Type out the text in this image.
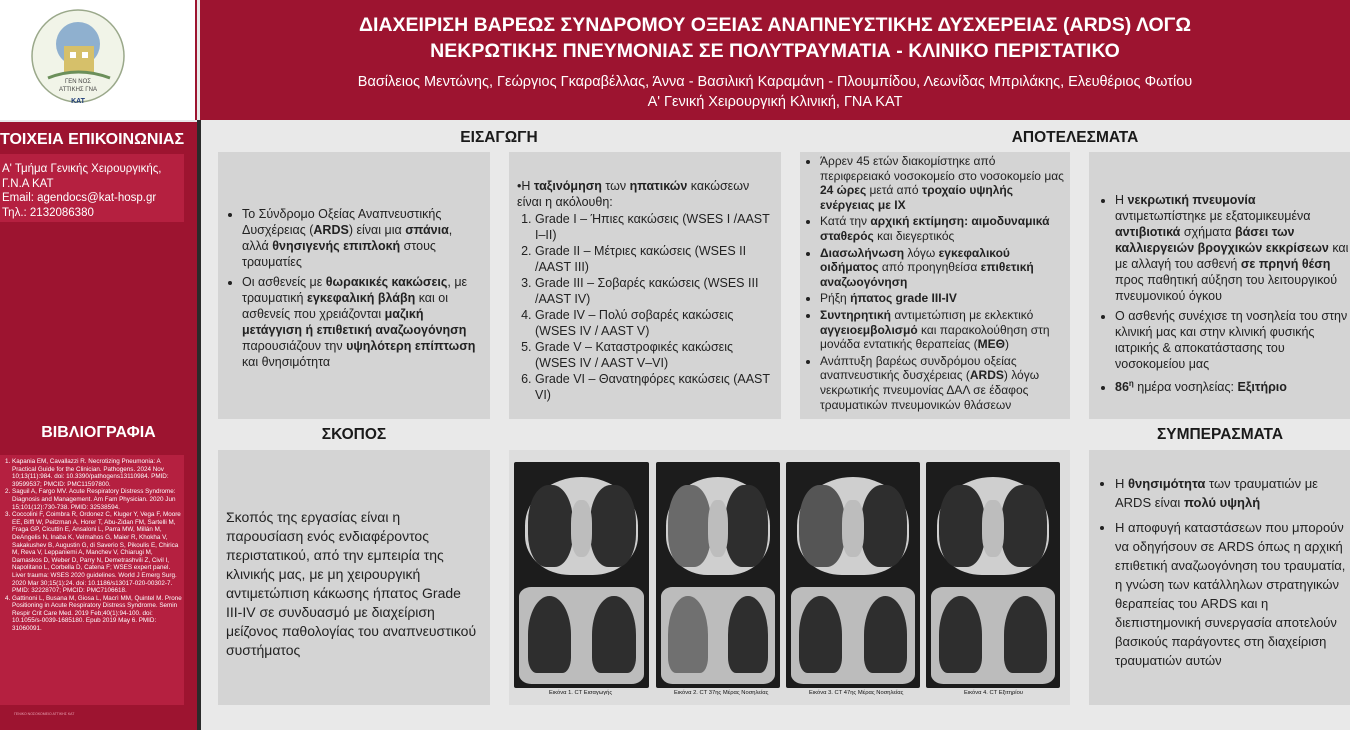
ΓΕΝ ΝΟΣ
ΑΤΤΙΚΗΣ ΓΝΑ
ΚΑΤ
ΔΙΑΧΕΙΡΙΣΗ ΒΑΡΕΩΣ ΣΥΝΔΡΟΜΟΥ ΟΞΕΙΑΣ ΑΝΑΠΝΕΥΣΤΙΚΗΣ ΔΥΣΧΕΡΕΙΑΣ (ARDS) ΛΟΓΩ
ΝΕΚΡΩΤΙΚΗΣ ΠΝΕΥΜΟΝΙΑΣ ΣΕ ΠΟΛΥΤΡΑΥΜΑΤΙΑ - ΚΛΙΝΙΚΟ ΠΕΡΙΣΤΑΤΙΚΟ
Βασίλειος Μεντώνης, Γεώργιος Γκαραβέλλας, Άννα - Βασιλική Καραμάνη - Πλουμπίδου, Λεωνίδας Μπριλάκης, Ελευθέριος Φωτίου
Α' Γενική Χειρουργική Κλινική, ΓΝΑ ΚΑΤ
ΤΟΙΧΕΙΑ ΕΠΙΚΟΙΝΩΝΙΑΣ
Α' Τμήμα Γενικής Χειρουργικής,
Γ.Ν.Α ΚΑΤ
Email: agendocs@kat-hosp.gr
Τηλ.: 2132086380
ΒΙΒΛΙΟΓΡΑΦΙΑ
1. Kapania EM, Cavallazzi R. Necrotizing Pneumonia: A Practical Guide for the Clinician. Pathogens. 2024 Nov 10;13(11):984. doi: 10.3390/pathogens13110984. PMID: 39599537; PMCID: PMC11597800.
2. Saguil A, Fargo MV. Acute Respiratory Distress Syndrome: Diagnosis and Management. Am Fam Physician. 2020 Jun 15;101(12):730-738. PMID: 32538594.
3. Coccolini F, Coimbra R, Ordonez C, Kluger Y, Vega F, Moore EE, Biffl W, Peitzman A, Horer T, Abu-Zidan FM, Sartelli M, Fraga GP, Cicuttin E, Ansaloni L, Parra MW, Millán M, DeAngelis N, Inaba K, Velmahos G, Maier R, Khokha V, Sakakushev B, Augustin G, di Saverio S, Pikoulis E, Chirica M, Reva V, Leppaniemi A, Manchev V, Chiarugi M, Damaskos D, Weber D, Parry N, Demetrashvili Z, Civil I, Napolitano L, Corbella D, Catena F; WSES expert panel. Liver trauma: WSES 2020 guidelines. World J Emerg Surg. 2020 Mar 30;15(1):24. doi: 10.1186/s13017-020-00302-7. PMID: 32228707; PMCID: PMC7106618.
4. Gattinoni L, Busana M, Giosa L, Macrì MM, Quintel M. Prone Positioning in Acute Respiratory Distress Syndrome. Semin Respir Crit Care Med. 2019 Feb;40(1):94-100. doi: 10.1055/s-0039-1685180. Epub 2019 May 6. PMID: 31060091.
ΓΕΝΙΚΟ ΝΟΣΟΚΟΜΕΙΟ ΑΤΤΙΚΗΣ ΚΑΤ
ΕΙΣΑΓΩΓΗ
• Το Σύνδρομο Οξείας Αναπνευστικής Δυσχέρειας (ARDS) είναι μια σπάνια, αλλά θνησιγενής επιπλοκή στους τραυματίες
• Οι ασθενείς με θωρακικές κακώσεις, με τραυματική εγκεφαλική βλάβη και οι ασθενείς που χρειάζονται μαζική μετάγγιση ή επιθετική αναζωογόνηση παρουσιάζουν την υψηλότερη επίπτωση και θνησιμότητα
•Η ταξινόμηση των ηπατικών κακώσεων είναι η ακόλουθη:
1. Grade I – Ήπιες κακώσεις (WSES I /AAST I–II)
2. Grade II – Μέτριες κακώσεις (WSES II /AAST III)
3. Grade III – Σοβαρές κακώσεις (WSES III /AAST IV)
4. Grade IV – Πολύ σοβαρές κακώσεις (WSES IV / AAST V)
5. Grade V – Καταστροφικές κακώσεις (WSES IV / AAST V–VI)
6. Grade VI – Θανατηφόρες κακώσεις (AAST VI)
ΑΠΟΤΕΛΕΣΜΑΤΑ
• Άρρεν 45 ετών διακομίστηκε από περιφερειακό νοσοκομείο στο νοσοκομείο μας 24 ώρες μετά από τροχαίο υψηλής ενέργειας με ΙΧ
• Κατά την αρχική εκτίμηση: αιμοδυναμικά σταθερός και διεγερτικός
• Διασωλήνωση λόγω εγκεφαλικού οιδήματος από προηγηθείσα επιθετική αναζωογόνηση
• Ρήξη ήπατος grade III-IV
• Συντηρητική αντιμετώπιση με εκλεκτικό αγγειοεμβολισμό και παρακολούθηση στη μονάδα εντατικής θεραπείας (ΜΕΘ)
• Ανάπτυξη βαρέως συνδρόμου οξείας αναπνευστικής δυσχέρειας (ARDS) λόγω νεκρωτικής πνευμονίας ΔΑΛ σε έδαφος τραυματικών πνευμονικών θλάσεων
• Η νεκρωτική πνευμονία αντιμετωπίστηκε με εξατομικευμένα αντιβιοτικά σχήματα βάσει των καλλιεργειών βρογχικών εκκρίσεων και με αλλαγή του ασθενή σε πρηνή θέση προς παθητική αύξηση του λειτουργικού πνευμονικού όγκου
• Ο ασθενής συνέχισε τη νοσηλεία του στην κλινική μας και στην κλινική φυσικής ιατρικής & αποκατάστασης του νοσοκομείου μας
• $86^\eta$ ημέρα νοσηλείας: Εξιτήριο
ΣΚΟΠΟΣ
Σκοπός της εργασίας είναι η παρουσίαση ενός ενδιαφέροντος περιστατικού, από την εμπειρία της κλινικής μας, με μη χειρουργική αντιμετώπιση κάκωσης ήπατος Grade III-IV σε συνδυασμό με διαχείριση μείζονος παθολογίας του αναπνευστικού συστήματος
Εικόνα 1. CT Εισαγωγής	Εικόνα 2. CT 37ης Μέρας Νοσηλείας	Εικόνα 3. CT 47ης Μέρας Νοσηλείας	Εικόνα 4. CT Εξιτηρίου
ΣΥΜΠΕΡΑΣΜΑΤΑ
• Η θνησιμότητα των τραυματιών με ARDS είναι πολύ υψηλή
• Η αποφυγή καταστάσεων που μπορούν να οδηγήσουν σε ARDS όπως η αρχική επιθετική αναζωογόνηση του τραυματία, η γνώση των κατάλληλων στρατηγικών θεραπείας του ARDS και η διεπιστημονική συνεργασία αποτελούν βασικούς παράγοντες στη διαχείριση τραυματιών αυτών
